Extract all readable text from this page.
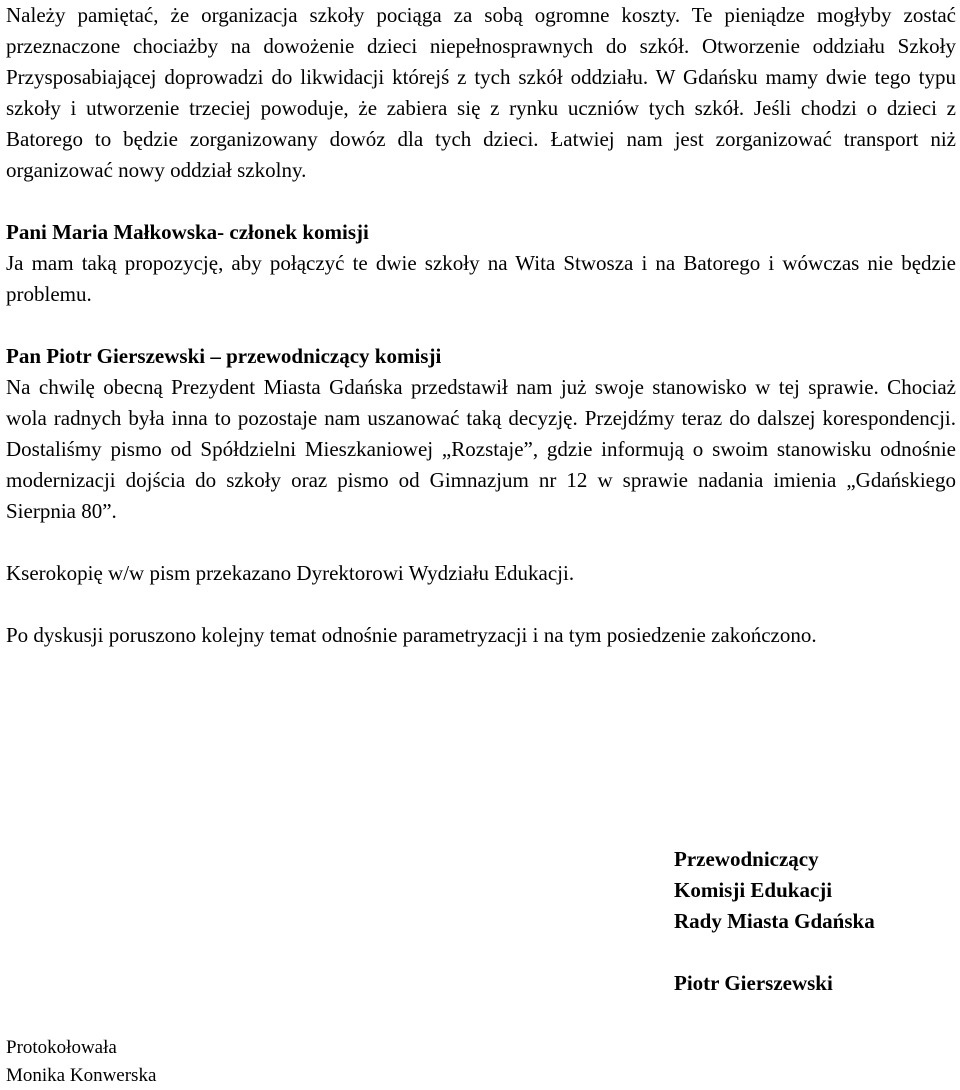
Należy pamiętać, że organizacja szkoły pociąga za sobą ogromne koszty. Te pieniądze mogłyby zostać przeznaczone chociażby na dowożenie dzieci niepełnosprawnych do szkół. Otworzenie oddziału Szkoły Przysposabiającej doprowadzi do likwidacji którejś z tych szkół oddziału. W Gdańsku mamy dwie tego typu szkoły i utworzenie trzeciej powoduje, że zabiera się z rynku uczniów tych szkół. Jeśli chodzi o dzieci z Batorego to będzie zorganizowany dowóz dla tych dzieci. Łatwiej nam jest zorganizować transport niż organizować nowy oddział szkolny.

Pani Maria Małkowska- członek komisji

Ja mam taką propozycję, aby połączyć te dwie szkoły na Wita Stwosza i na Batorego i wówczas nie będzie problemu.

Pan Piotr Gierszewski – przewodniczący komisji

Na chwilę obecną Prezydent Miasta Gdańska przedstawił nam już swoje stanowisko w tej sprawie. Chociaż wola radnych była inna to pozostaje nam uszanować taką decyzję. Przejdźmy teraz do dalszej korespondencji. Dostaliśmy pismo od Spółdzielni Mieszkaniowej „Rozstaje”, gdzie informują o swoim stanowisku odnośnie modernizacji dojścia do szkoły oraz pismo od Gimnazjum nr 12 w sprawie nadania imienia „Gdańskiego Sierpnia 80”.

Kserokopię w/w pism przekazano Dyrektorowi Wydziału Edukacji.

Po dyskusji poruszono kolejny temat odnośnie parametryzacji i na tym posiedzenie zakończono.

Przewodniczący
Komisji Edukacji
Rady Miasta Gdańska
Piotr Gierszewski
Protokołowała
Monika Konwerska
